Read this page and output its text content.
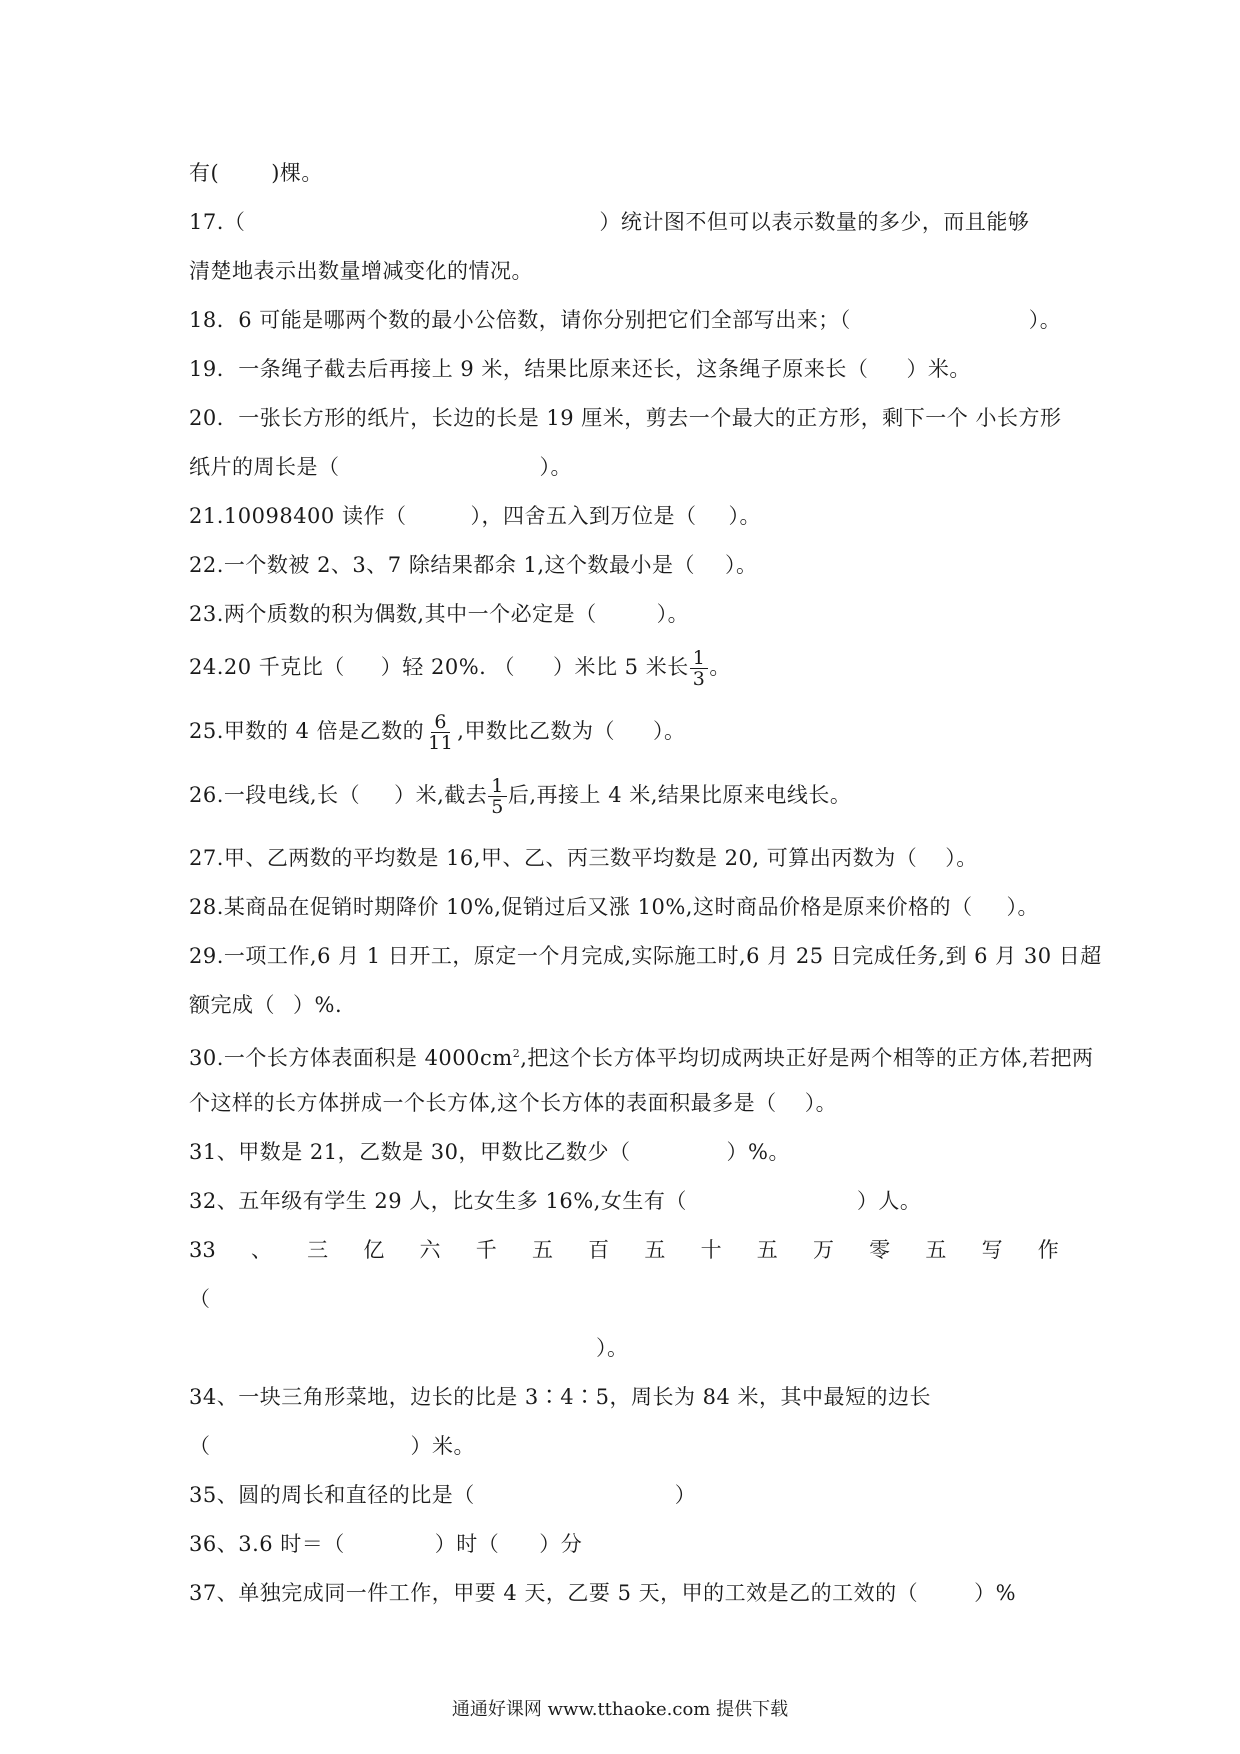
有( )棵。
17.（	）统计图不但可以表示数量的多少，而且能够
清楚地表示出数量增减变化的情况。
18．6 可能是哪两个数的最小公倍数，请你分别把它们全部写出来；（	）。
19．一条绳子截去后再接上 9 米，结果比原来还长，这条绳子原来长（ ）米。
20．一张长方形的纸片，长边的长是 19 厘米，剪去一个最大的正方形，剩下一个 小长方形
纸片的周长是（	）。
21.10098400 读作（	），四舍五入到万位是（ ）。
22.一个数被 2、3、7 除结果都余 1,这个数最小是（ ）。
23.两个质数的积为偶数,其中一个必定是（	）。
24.20 千克比（ ）轻 20%. （ ）米比 5 米长 $\frac{1}{3}$ 。
25.甲数的 4 倍是乙数的 $\frac{6}{11}$ ,甲数比乙数为（ ）。
26.一段电线,长（ ）米,截去 $\frac{1}{5}$ 后,再接上 4 米,结果比原来电线长。
27.甲、乙两数的平均数是 16,甲、乙、丙三数平均数是 20, 可算出丙数为（ ）。
28.某商品在促销时期降价 10%,促销过后又涨 10%,这时商品价格是原来价格的（ ）。
29.一项工作,6 月 1 日开工，原定一个月完成,实际施工时,6 月 25 日完成任务,到 6 月 30 日超
额完成（ ）%.
30.一个长方体表面积是 $4000cm^2$,把这个长方体平均切成两块正好是两个相等的正方体,若把两
个这样的长方体拼成一个长方体,这个长方体的表面积最多是（ ）。
31、甲数是 21，乙数是 30，甲数比乙数少（	）%。
32、五年级有学生 29 人，比女生多 16%,女生有（	）人。
33 、 三 亿 六 千 五 百 五 十 五 万 零 五 写 作
（
）。
34、一块三角形菜地，边长的比是 3∶4∶5，周长为 84 米，其中最短的边长
（	）米。
35、圆的周长和直径的比是（	）
36、3.6 时＝（	）时（ ）分
37、单独完成同一件工作，甲要 4 天，乙要 5 天，甲的工效是乙的工效的（	）%
通通好课网 www.tthaoke.com 提供下载
